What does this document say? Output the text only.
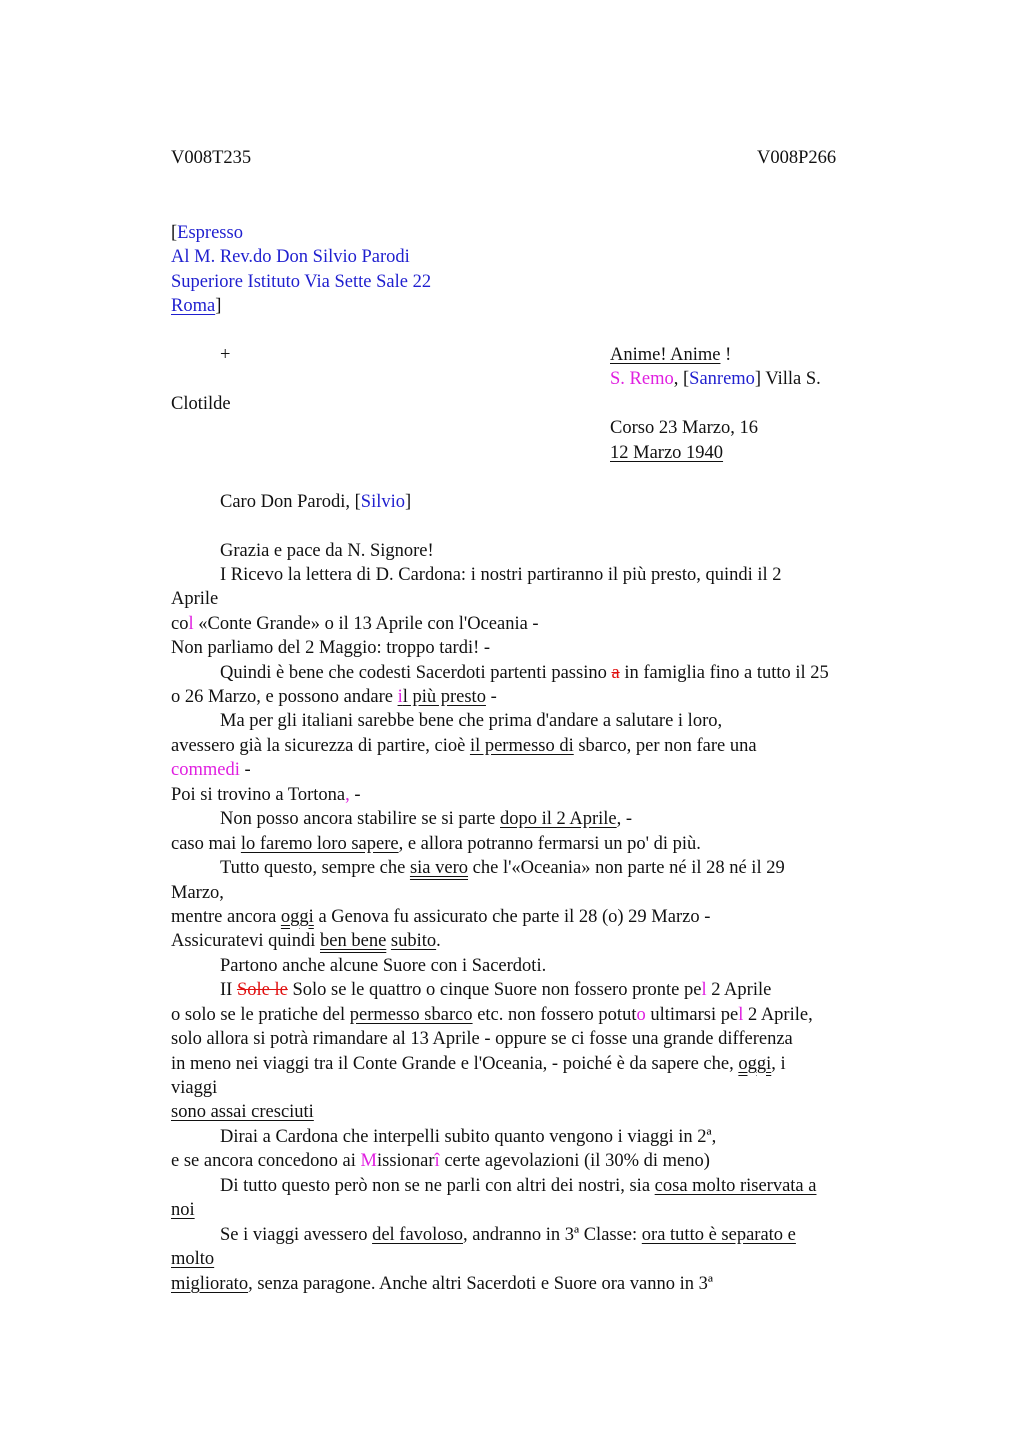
V008T235	V008P266
[Espresso
Al M. Rev.do Don Silvio Parodi
Superiore Istituto Via Sette Sale 22
Roma]
+	Anime! Anime !
S. Remo, [Sanremo] Villa S.
Clotilde
Corso 23 Marzo, 16
12 Marzo 1940
Caro Don Parodi, [Silvio]
Grazia e pace da N. Signore!
I Ricevo la lettera di D. Cardona: i nostri partiranno il più presto, quindi il 2
Aprile
col «Conte Grande» o il 13 Aprile con l'Oceania -
Non parliamo del 2 Maggio: troppo tardi! -
Quindi è bene che codesti Sacerdoti partenti passino a in famiglia fino a tutto il 25
o 26 Marzo, e possono andare il più presto -
Ma per gli italiani sarebbe bene che prima d'andare a salutare i loro,
avessero già la sicurezza di partire, cioè il permesso di sbarco, per non fare una
commedi -
Poi si trovino a Tortona, -
Non posso ancora stabilire se si parte dopo il 2 Aprile, -
caso mai lo faremo loro sapere, e allora potranno fermarsi un po' di più.
Tutto questo, sempre che sia vero che l'«Oceania» non parte né il 28 né il 29
Marzo,
mentre ancora oggi a Genova fu assicurato che parte il 28 (o) 29 Marzo -
Assicuratevi quindi ben bene subito.
Partono anche alcune Suore con i Sacerdoti.
II Sole le Solo se le quattro o cinque Suore non fossero pronte pel 2 Aprile
o solo se le pratiche del permesso sbarco etc. non fossero potuto ultimarsi pel 2 Aprile,
solo allora si potrà rimandare al 13 Aprile - oppure se ci fosse una grande differenza
in meno nei viaggi tra il Conte Grande e l'Oceania, - poiché è da sapere che, oggi, i
viaggi
sono assai cresciuti
Dirai a Cardona che interpelli subito quanto vengono i viaggi in 2ª,
e se ancora concedono ai Missionarî certe agevolazioni (il 30% di meno)
Di tutto questo però non se ne parli con altri dei nostri, sia cosa molto riservata a
noi
Se i viaggi avessero del favoloso, andranno in 3ª Classe: ora tutto è separato e
molto
migliorato, senza paragone. Anche altri Sacerdoti e Suore ora vanno in 3ª
